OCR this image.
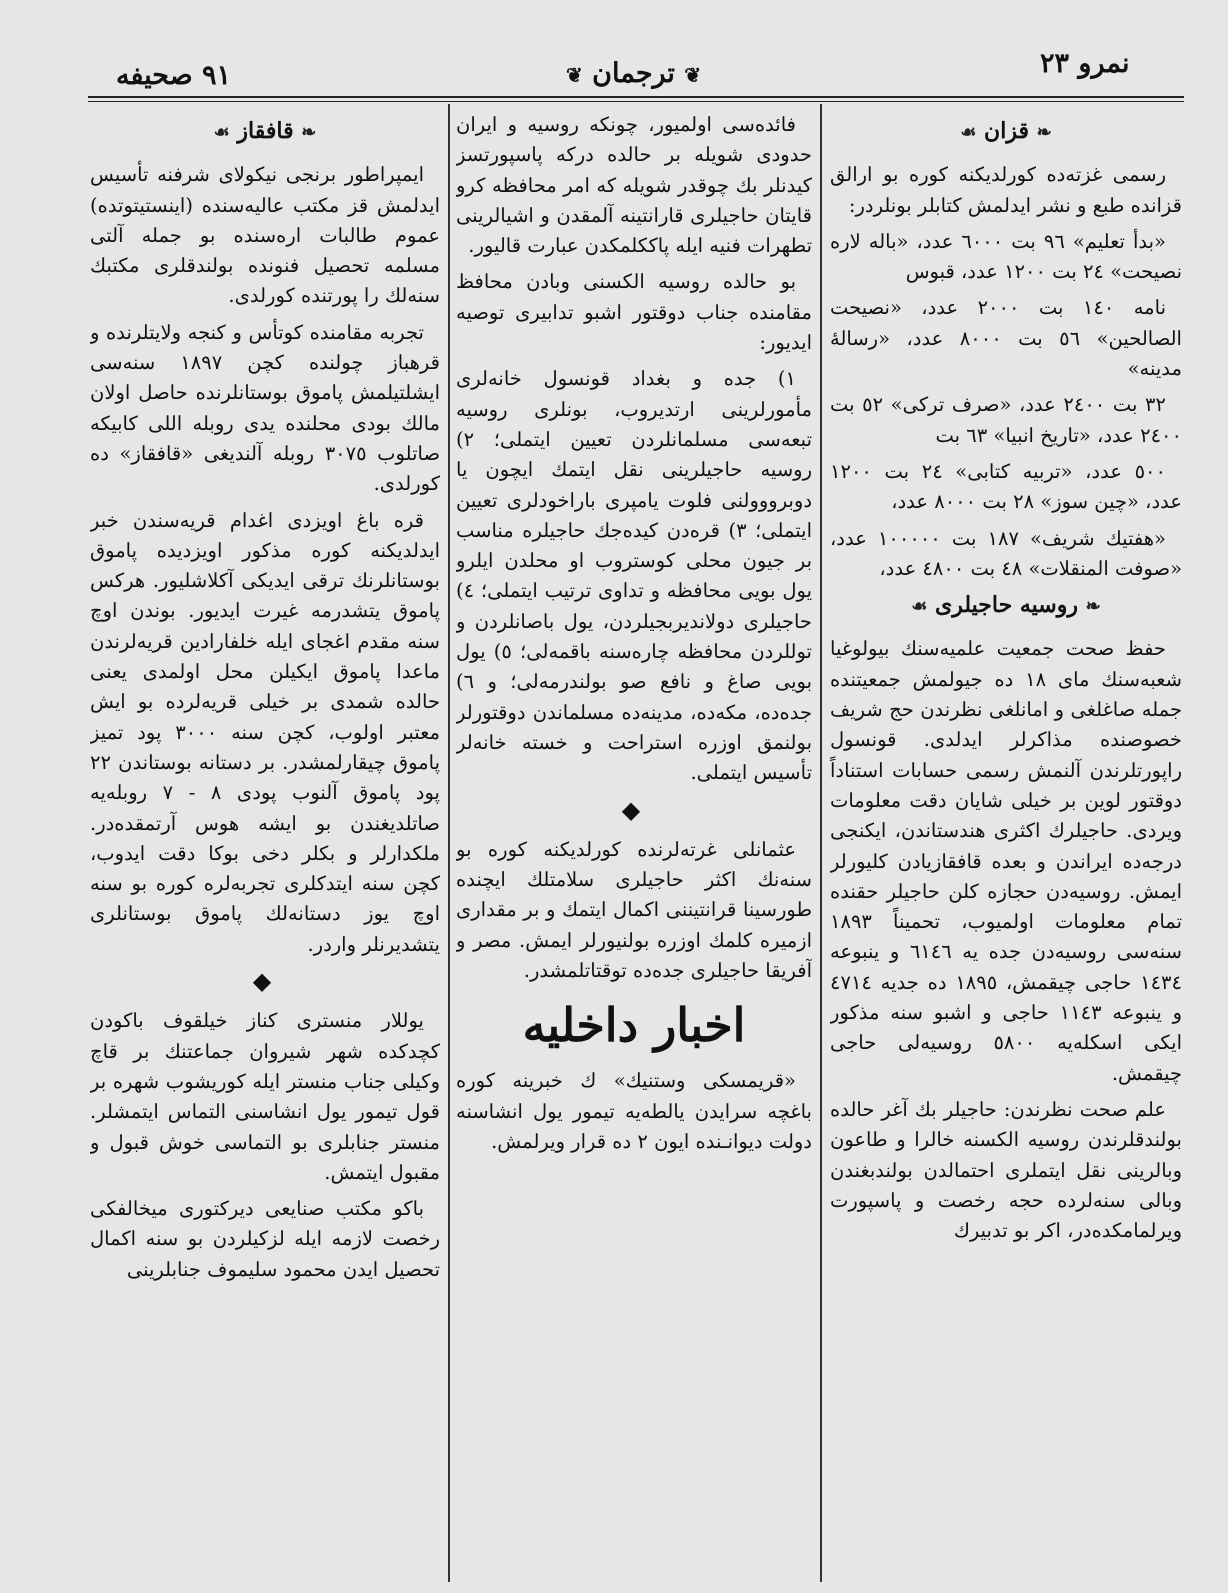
٩١ صحيفه	❦ ترجمان ❦	نمرو ٢٣
❧ قزان ☙

رسمى غزتەده كورلديكنه كوره بو ارالق قزانده طبع و نشر ايدلمش كتابلر بونلردر:

«بدأ تعليم» ٩٦ بت ٦٠٠٠ عدد، «باله لاره نصيحت» ٢٤ بت ١٢٠٠ عدد، قبوس

نامه ١٤٠ بت ٢٠٠٠ عدد، «نصيحت الصالحين» ٥٦ بت ٨٠٠٠ عدد، «رسالهٔ مدينه»

٣٢ بت ٢٤٠٠ عدد، «صرف تركى» ٥٢ بت ٢٤٠٠ عدد، «تاريخ انبيا» ٦٣ بت

٥٠٠ عدد، «تربيه كتابى» ٢٤ بت ١٢٠٠ عدد، «چين سوز» ٢٨ بت ٨٠٠٠ عدد،

«هفتيك شريف» ١٨٧ بت ١٠٠٠٠٠ عدد، «صوفت المنقلات» ٤٨ بت ٤٨٠٠ عدد،

❧ روسيه حاجيلرى ☙

حفظ صحت جمعيت علميەسنك بيولوغيا شعبەسنك ماى ١٨ ده جيولمش جمعيتنده جمله صاغلغى و امانلغى نظرندن حج شريف خصوصنده مذاكرلر ايدلدى. قونسول راپورتلرندن آلنمش رسمى حسابات استناداً دوقتور لوين بر خيلى شايان دقت معلومات ويردى. حاجيلرك اكثرى هندستاندن، ايكنجى درجەده ايراندن و بعده قافقازيادن كليورلر ايمش. روسيەدن حجازه كلن حاجيلر حقنده تمام معلومات اولميوب، تحميناً ١٨٩٣ سنەسى روسيەدن جده يه ٦١٤٦ و ينبوعه ١٤٣٤ حاجى چيقمش، ١٨٩٥ ده جديه ٤٧١٤ و ينبوعه ١١٤٣ حاجى و اشبو سنه مذكور ايكى اسكلەيه ٥٨٠٠ روسيەلى حاجى چيقمش.

علم صحت نظرندن: حاجيلر بك آغر حالده بولندقلرندن روسيه الكسنه خالرا و طاعون وبالرينى نقل ايتملرى احتمالدن بولندبغندن وبالى سنەلرده حجه رخصت و پاسپورت ويرلمامكدەدر، اكر بو تدبيرك

فائدەسى اولميور، چونكه روسيه و ايران حدودى شويله بر حالده دركه پاسپورتسز كيدنلر بك چوقدر شويله كه امر محافظه كرو قايتان حاجيلرى قارانتينه آلمقدن و اشيالرينى تطهرات فنيه ايله پاككلمكدن عبارت قاليور.

بو حالده روسيه الكسنى وبادن محافظ مقامنده جناب دوقتور اشبو تدابيرى توصيه ايديور:

١) جده و بغداد قونسول خانەلرى مأمورلرينى ارتديروب، بونلرى روسيه تبعەسى مسلمانلردن تعيين ايتملى؛ ٢) روسيه حاجيلرينى نقل ايتمك ايچون يا دوبرووولنى فلوت يامپرى باراخودلرى تعيين ايتملى؛ ٣) قرەدن كيدەجك حاجيلره مناسب بر جيون محلى كوستروب او محلدن ايلرو يول بويى محافظه و تداوى ترتيب ايتملى؛ ٤) حاجيلرى دولانديربجيلردن، يول باصانلردن و توللردن محافظه چارەسنه باقمەلى؛ ٥) يول بويى صاغ و نافع صو بولندرمەلى؛ و ٦) جدەده، مكەده، مدينەده مسلماندن دوقتورلر بولنمق اوزره استراحت و خسته خانەلر تأسيس ايتملى.

◆

عثمانلى غرتەلرنده كورلديكنه كوره بو سنەنك اكثر حاجيلرى سلامتلك ايچنده طورسينا قرانتيننى اكمال ايتمك و بر مقدارى ازميره كلمك اوزره بولنيورلر ايمش. مصر و آفريقا حاجيلرى جدەده توقتاتلمشدر.

اخبار داخليه

«قريمسكى وستنيك» ك خبرينه كوره باغچه سرايدن يالطەيه تيمور يول انشاسنه دولت ديوانـنده ايون ٢ ده قرار ويرلمش.

❧ قافقاز ☙

ايمپراطور برنجى نيكولاى شرفنه تأسيس ايدلمش قز مكتب عاليەسنده (اينستيتوتده) عموم طالبات ارەسنده بو جمله آلتى مسلمه تحصيل فنونده بولندقلرى مكتبك سنەلك را پورتنده كورلدى.

تجربه مقامنده كوتأس و كنجه ولايتلرنده و قرهباز چولنده كچن ١٨٩٧ سنەسى ايشلتيلمش پاموق بوستانلرنده حاصل اولان مالك بودى محلنده يدى روبله اللى كابيكه صاتلوب ٣٠٧٥ روبله آلنديغى «قافقاز» ده كورلدى.

قره باغ اويزدى اغدام قريەسندن خبر ايدلديكنه كوره مذكور اويزديده پاموق بوستانلرنك ترقى ايديكى آكلاشليور. هركس پاموق يتشدرمه غيرت ايديور. بوندن اوچ سنه مقدم اغجاى ايله خلفارادين قريەلرندن ماعدا پاموق ايكيلن محل اولمدى يعنى حالده شمدى بر خيلى قريەلرده بو ايش معتبر اولوب، كچن سنه ٣٠٠٠ پود تميز پاموق چيقارلمشدر. بر دستانه بوستاندن ٢٢ پود پاموق آلنوب پودى ٨ - ٧ روبلەيه صاتلديغندن بو ايشه هوس آرتمقدەدر. ملكدارلر و بكلر دخى بوكا دقت ايدوب، كچن سنه ايتدكلرى تجربەلره كوره بو سنه اوچ يوز دستانەلك پاموق بوستانلرى يتشديرنلر واردر.

◆

يوللار منسترى كناز خيلقوف باكودن كچدكده شهر شيروان جماعتنك بر قاچ وكيلى جناب منستر ايله كوريشوب شهره بر قول تيمور يول انشاسنى التماس ايتمشلر. منستر جنابلرى بو التماسى خوش قبول و مقبول ايتمش.

باكو مكتب صنايعى ديركتورى ميخالفكى رخصت لازمه ايله لزكيلردن بو سنه اكمال تحصيل ايدن محمود سليموف جنابلرينى
